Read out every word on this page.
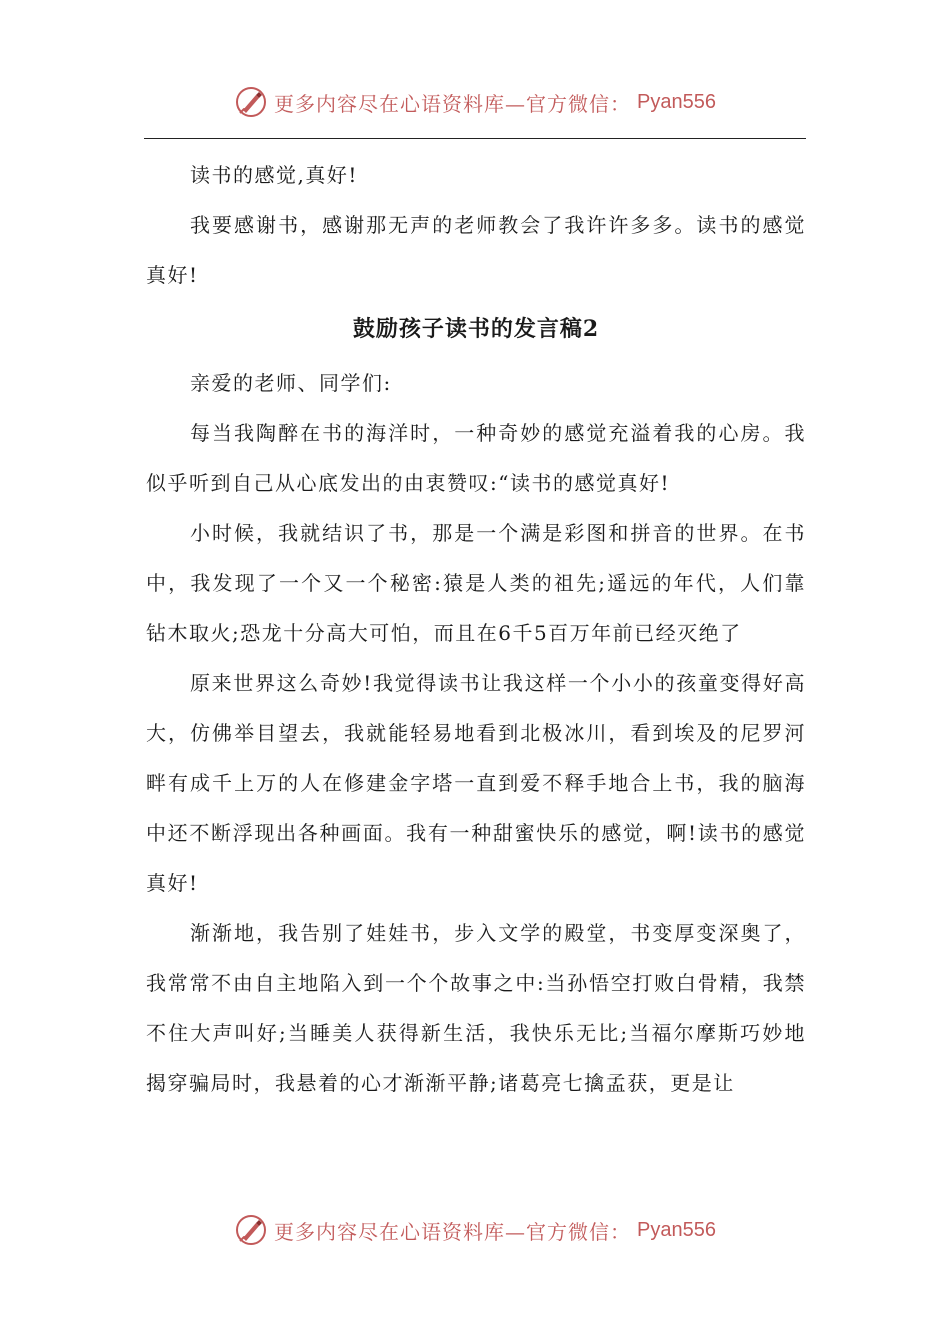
更多内容尽在心语资料库—官方微信： Pyan556

读书的感觉,真好!

我要感谢书，感谢那无声的老师教会了我许许多多。读书的感觉真好!

鼓励孩子读书的发言稿2

亲爱的老师、同学们:

每当我陶醉在书的海洋时，一种奇妙的感觉充溢着我的心房。我似乎听到自己从心底发出的由衷赞叹:“读书的感觉真好!

小时候，我就结识了书，那是一个满是彩图和拼音的世界。在书中，我发现了一个又一个秘密:猿是人类的祖先;遥远的年代，人们靠钻木取火;恐龙十分高大可怕，而且在6千5百万年前已经灭绝了

原来世界这么奇妙!我觉得读书让我这样一个小小的孩童变得好高大，仿佛举目望去，我就能轻易地看到北极冰川，看到埃及的尼罗河畔有成千上万的人在修建金字塔一直到爱不释手地合上书，我的脑海中还不断浮现出各种画面。我有一种甜蜜快乐的感觉，啊!读书的感觉真好!

渐渐地，我告别了娃娃书，步入文学的殿堂，书变厚变深奥了，我常常不由自主地陷入到一个个故事之中:当孙悟空打败白骨精，我禁不住大声叫好;当睡美人获得新生活，我快乐无比;当福尔摩斯巧妙地揭穿骗局时，我悬着的心才渐渐平静;诸葛亮七擒孟获，更是让

更多内容尽在心语资料库—官方微信： Pyan556
